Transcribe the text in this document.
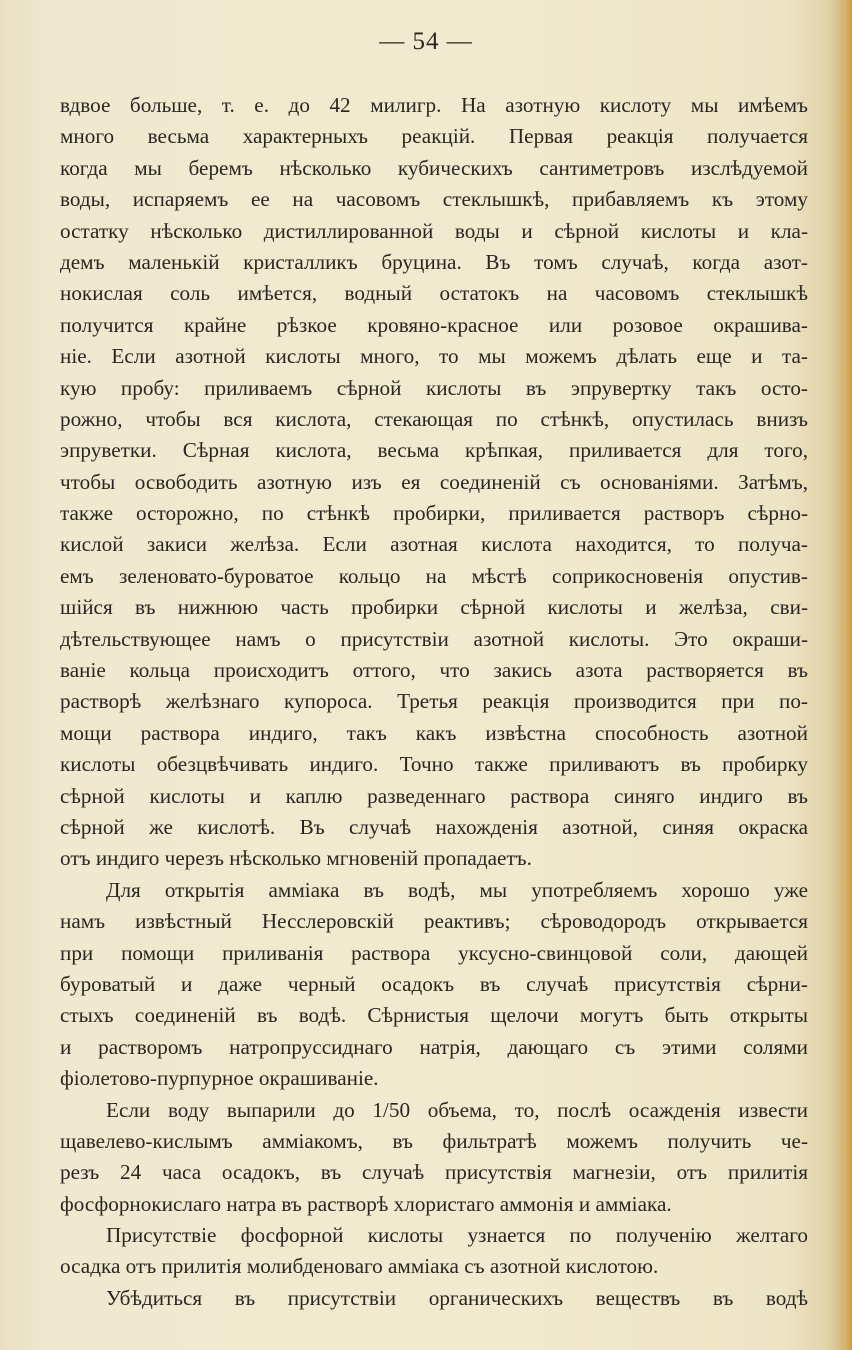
— 54 —
вдвое больше, т. е. до 42 милигр. На азотную кислоту мы имѣемъ
много весьма характерныхъ реакцій. Первая реакція получается
когда мы беремъ нѣсколько кубическихъ сантиметровъ изслѣдуемой
воды, испаряемъ ее на часовомъ стеклышкѣ, прибавляемъ къ этому
остатку нѣсколько дистиллированной воды и сѣрной кислоты и кла-
демъ маленькій кристалликъ бруцина. Въ томъ случаѣ, когда азот-
нокислая соль имѣется, водный остатокъ на часовомъ стеклышкѣ
получится крайне рѣзкое кровяно-красное или розовое окрашива-
ніе. Если азотной кислоты много, то мы можемъ дѣлать еще и та-
кую пробу: приливаемъ сѣрной кислоты въ эпрувертку такъ осто-
рожно, чтобы вся кислота, стекающая по стѣнкѣ, опустилась внизъ
эпруветки. Сѣрная кислота, весьма крѣпкая, приливается для того,
чтобы освободить азотную изъ ея соединеній съ основаніями. Затѣмъ,
также осторожно, по стѣнкѣ пробирки, приливается растворъ сѣрно-
кислой закиси желѣза. Если азотная кислота находится, то получа-
емъ зеленовато-буроватое кольцо на мѣстѣ соприкосновенія опустив-
шійся въ нижнюю часть пробирки сѣрной кислоты и желѣза, сви-
дѣтельствующее намъ о присутствіи азотной кислоты. Это окраши-
ваніе кольца происходитъ оттого, что закись азота растворяется въ
растворѣ желѣзнаго купороса. Третья реакція производится при по-
мощи раствора индиго, такъ какъ извѣстна способность азотной
кислоты обезцвѣчивать индиго. Точно также приливаютъ въ пробирку
сѣрной кислоты и каплю разведеннаго раствора синяго индиго въ
сѣрной же кислотѣ. Въ случаѣ нахожденія азотной, синяя окраска
отъ индиго черезъ нѣсколько мгновеній пропадаетъ.
Для открытія амміака въ водѣ, мы употребляемъ хорошо уже
намъ извѣстный Несслеровскій реактивъ; сѣроводородъ открывается
при помощи приливанія раствора уксусно-свинцовой соли, дающей
буроватый и даже черный осадокъ въ случаѣ присутствія сѣрни-
стыхъ соединеній въ водѣ. Сѣрнистыя щелочи могутъ быть открыты
и растворомъ натропруссиднаго натрія, дающаго съ этими солями
фіолетово-пурпурное окрашиваніе.
Если воду выпарили до 1/50 объема, то, послѣ осажденія извести
щавелево-кислымъ амміакомъ, въ фильтратѣ можемъ получить че-
резъ 24 часа осадокъ, въ случаѣ присутствія магнезіи, отъ прилитія
фосфорнокислаго натра въ растворѣ хлористаго аммонія и амміака.
Присутствіе фосфорной кислоты узнается по полученію желтаго
осадка отъ прилитія молибденоваго амміака съ азотной кислотою.
Убѣдиться въ присутствіи органическихъ веществъ въ водѣ
